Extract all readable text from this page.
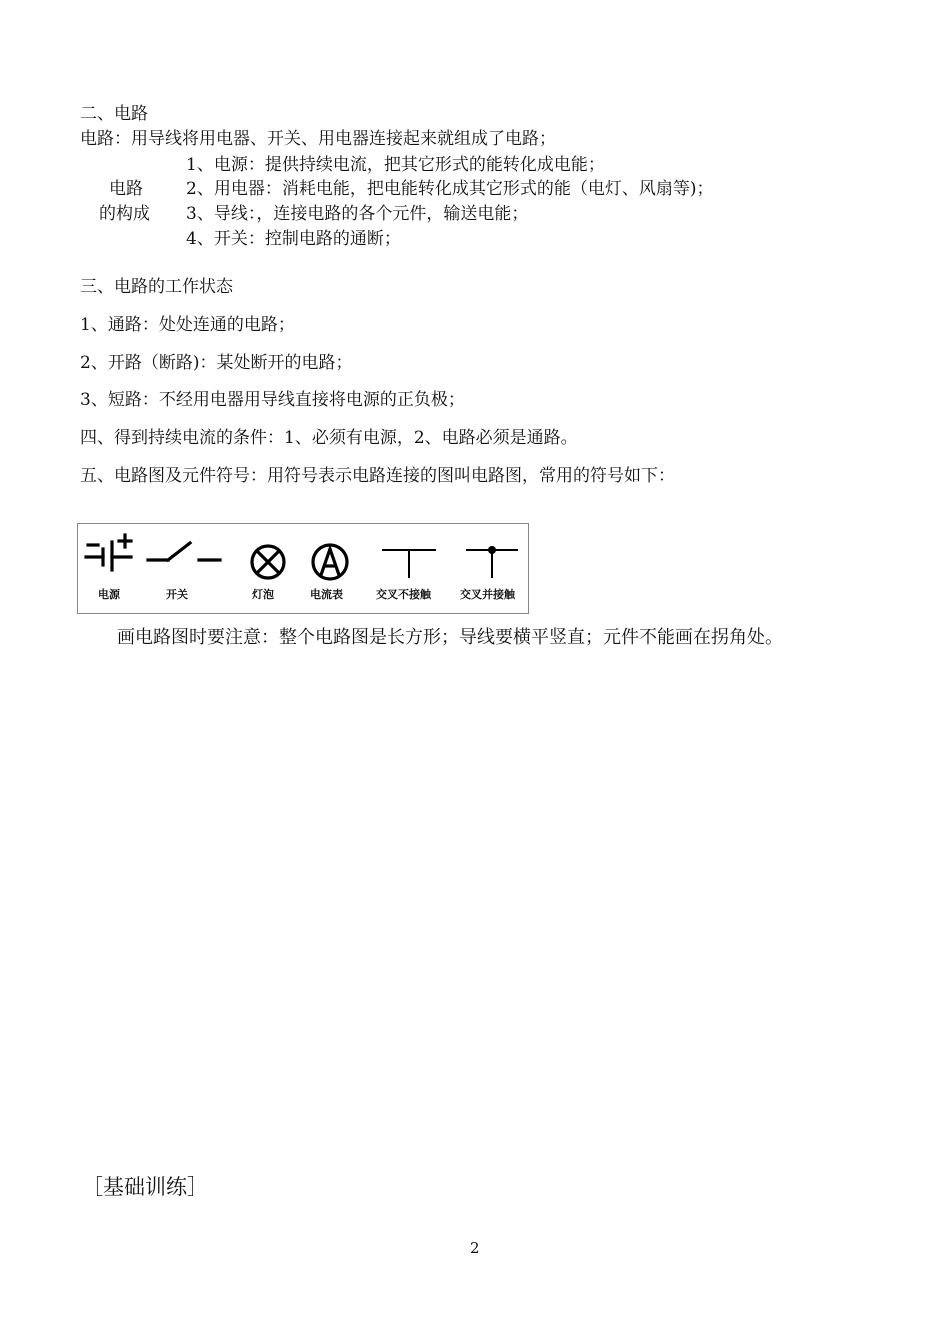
二、电路
电路：用导线将用电器、开关、用电器连接起来就组成了电路；
电路
的构成
1、电源：提供持续电流，把其它形式的能转化成电能；
2、用电器：消耗电能，把电能转化成其它形式的能（电灯、风扇等)；
3、导线：，连接电路的各个元件，输送电能；
4、开关：控制电路的通断；
三、电路的工作状态
1、通路：处处连通的电路；
2、开路（断路)：某处断开的电路；
3、短路：不经用电器用导线直接将电源的正负极；
四、得到持续电流的条件：1、必须有电源，2、电路必须是通路。
五、电路图及元件符号：用符号表示电路连接的图叫电路图，常用的符号如下：
电源	开关	灯泡	电流表	交叉不接触	交叉并接触
画电路图时要注意：整个电路图是长方形；导线要横平竖直；元件不能画在拐角处。
［基础训练］
2
